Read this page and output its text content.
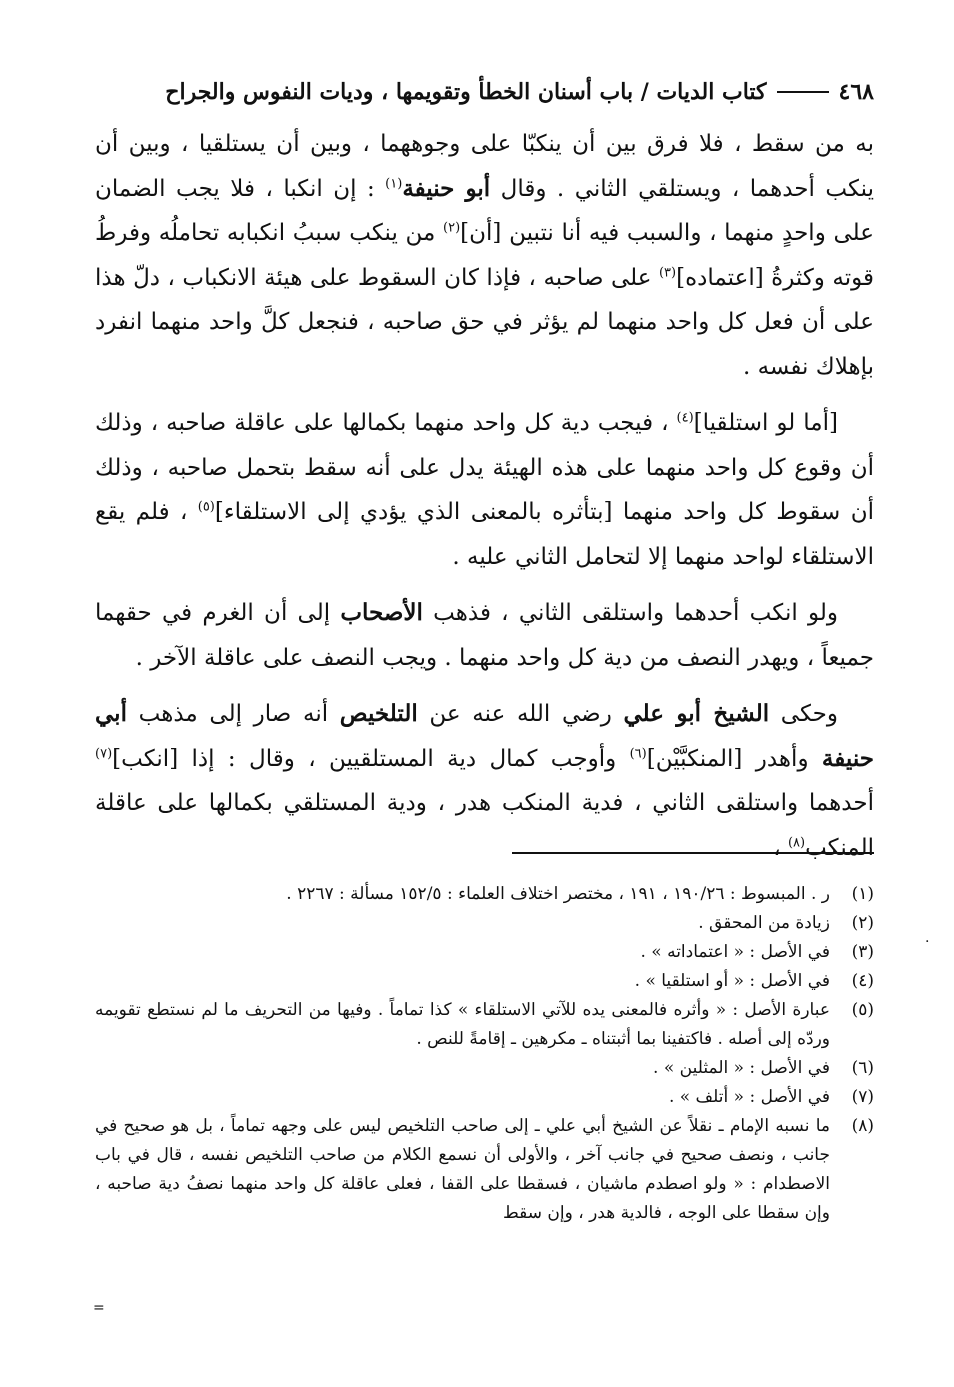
٤٦٨
كتاب الديات / باب أسنان الخطأ وتقويمها ، وديات النفوس والجراح

به من سقط ، فلا فرق بين أن ينكبّا على وجوههما ، وبين أن يستلقيا ، وبين أن ينكب أحدهما ، ويستلقي الثاني . وقال أبو حنيفة$^{(١)}$ : إن انكبا ، فلا يجب الضمان على واحدٍ منهما ، والسبب فيه أنا نتبين [أن]$^{(٢)}$ من ينكب سببُ انكبابه تحاملُه وفرطُ قوته وكثرةُ [اعتماده]$^{(٣)}$ على صاحبه ، فإذا كان السقوط على هيئة الانكباب ، دلّ هذا على أن فعل كل واحد منهما لم يؤثر في حق صاحبه ، فنجعل كلَّ واحد منهما انفرد بإهلاك نفسه .

[أما لو استلقيا]$^{(٤)}$ ، فيجب دية كل واحد منهما بكمالها على عاقلة صاحبه ، وذلك أن وقوع كل واحد منهما على هذه الهيئة يدل على أنه سقط بتحمل صاحبه ، وذلك أن سقوط كل واحد منهما [بتأثره بالمعنى الذي يؤدي إلى الاستلقاء]$^{(٥)}$ ، فلم يقع الاستلقاء لواحد منهما إلا لتحامل الثاني عليه .

ولو انكب أحدهما واستلقى الثاني ، فذهب الأصحاب إلى أن الغرم في حقهما جميعاً ، ويهدر النصف من دية كل واحد منهما . ويجب النصف على عاقلة الآخر .

وحكى الشيخ أبو علي رضي الله عنه عن التلخيص أنه صار إلى مذهب أبي حنيفة وأهدر [المنكبَّيْن]$^{(٦)}$ وأوجب كمال دية المستلقيين ، وقال : إذا [انكب]$^{(٧)}$ أحدهما واستلقى الثاني ، فدية المنكب هدر ، ودية المستلقي بكمالها على عاقلة المنكب$^{(٨)}$ ،

(١)
ر . المبسوط : ١٩٠/٢٦ ، ١٩١ ، مختصر اختلاف العلماء : ١٥٢/٥ مسألة : ٢٢٦٧ .
(٢)
زيادة من المحقق .
(٣)
في الأصل : « اعتماداته » .
(٤)
في الأصل : « أو استلقيا » .
(٥)
عبارة الأصل : « وأثره فالمعنى يده للآتي الاستلقاء » كذا تماماً . وفيها من التحريف ما لم نستطع تقويمه وردّه إلى أصله . فاكتفينا بما أثبتناه ـ مكرهين ـ إقامةً للنص .
(٦)
في الأصل : « المثلين » .
(٧)
في الأصل : « أتلف » .
(٨)
ما نسبه الإمام ـ نقلاً عن الشيخ أبي علي ـ إلى صاحب التلخيص ليس على وجهه تماماً ، بل هو صحيح في جانب ، ونصف صحيح في جانب آخر ، والأولى أن نسمع الكلام من صاحب التلخيص نفسه ، قال في باب الاصطدام : « ولو اصطدم ماشيان ، فسقطا على القفا ، فعلى عاقلة كل واحد منهما نصفُ دية صاحبه ، وإن سقطا على الوجه ، فالدية هدر ، وإن سقط
.
=
